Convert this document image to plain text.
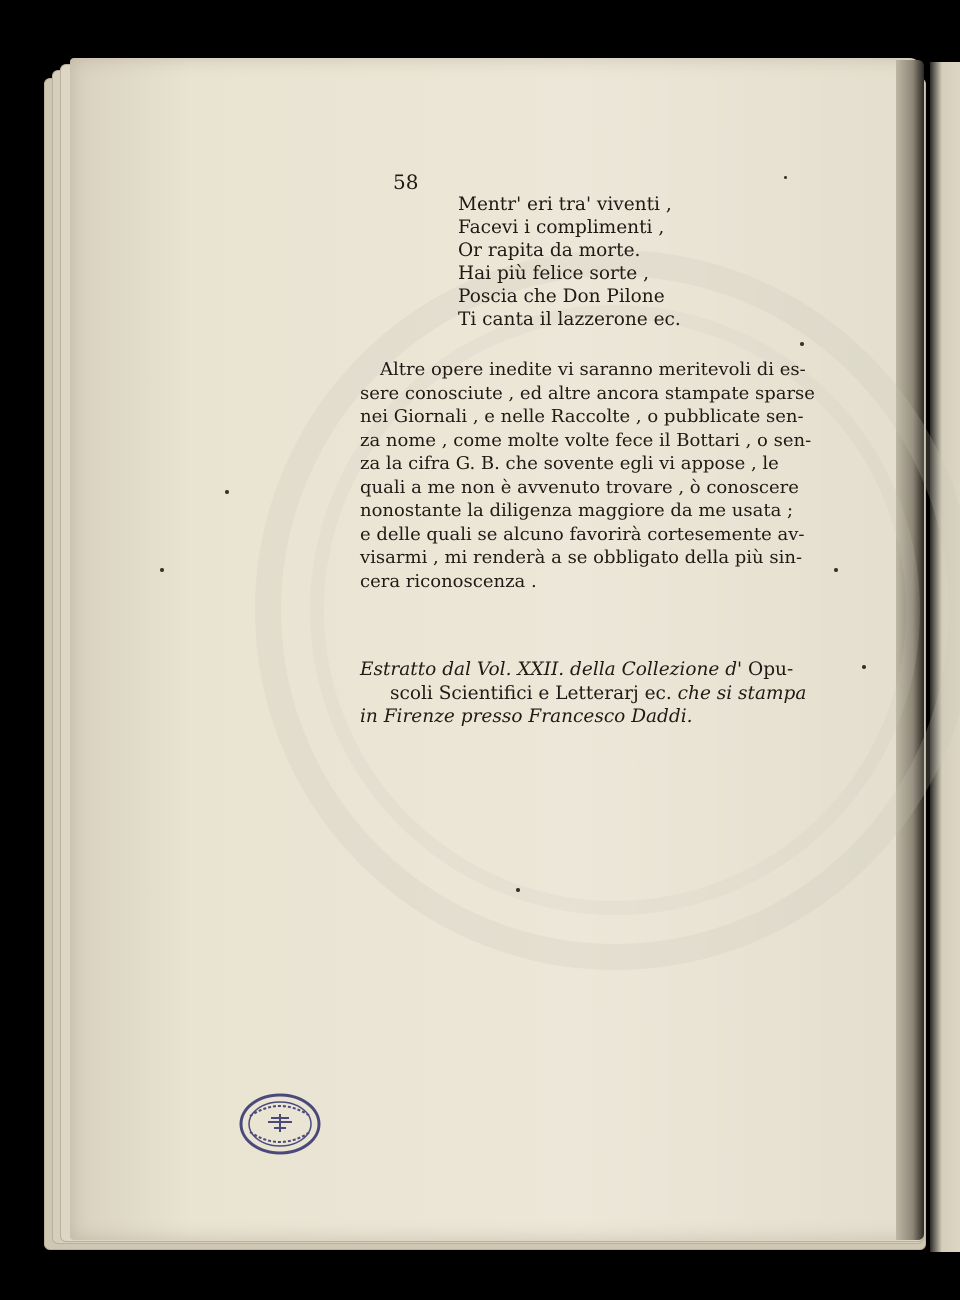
58
Mentr' eri tra' viventi ,
Facevi i complimenti ,
Or rapita da morte.
Hai più felice sorte ,
Poscia che Don Pilone
Ti canta il lazzerone ec.
Altre opere inedite vi saranno meritevoli di es-
sere conosciute , ed altre ancora stampate sparse
nei Giornali , e nelle Raccolte , o pubblicate sen-
za nome , come molte volte fece il Bottari , o sen-
za la cifra G. B. che sovente egli vi appose , le
quali a me non è avvenuto trovare , ò conoscere
nonostante la diligenza maggiore da me usata ;
e delle quali se alcuno favorirà cortesemente av-
visarmi , mi renderà a se obbligato della più sin-
cera riconoscenza .
Estratto dal Vol. XXII. della Collezione d' Opu-
scoli Scientifici e Letterarj ec. che si stampa
in Firenze presso Francesco Daddi.
